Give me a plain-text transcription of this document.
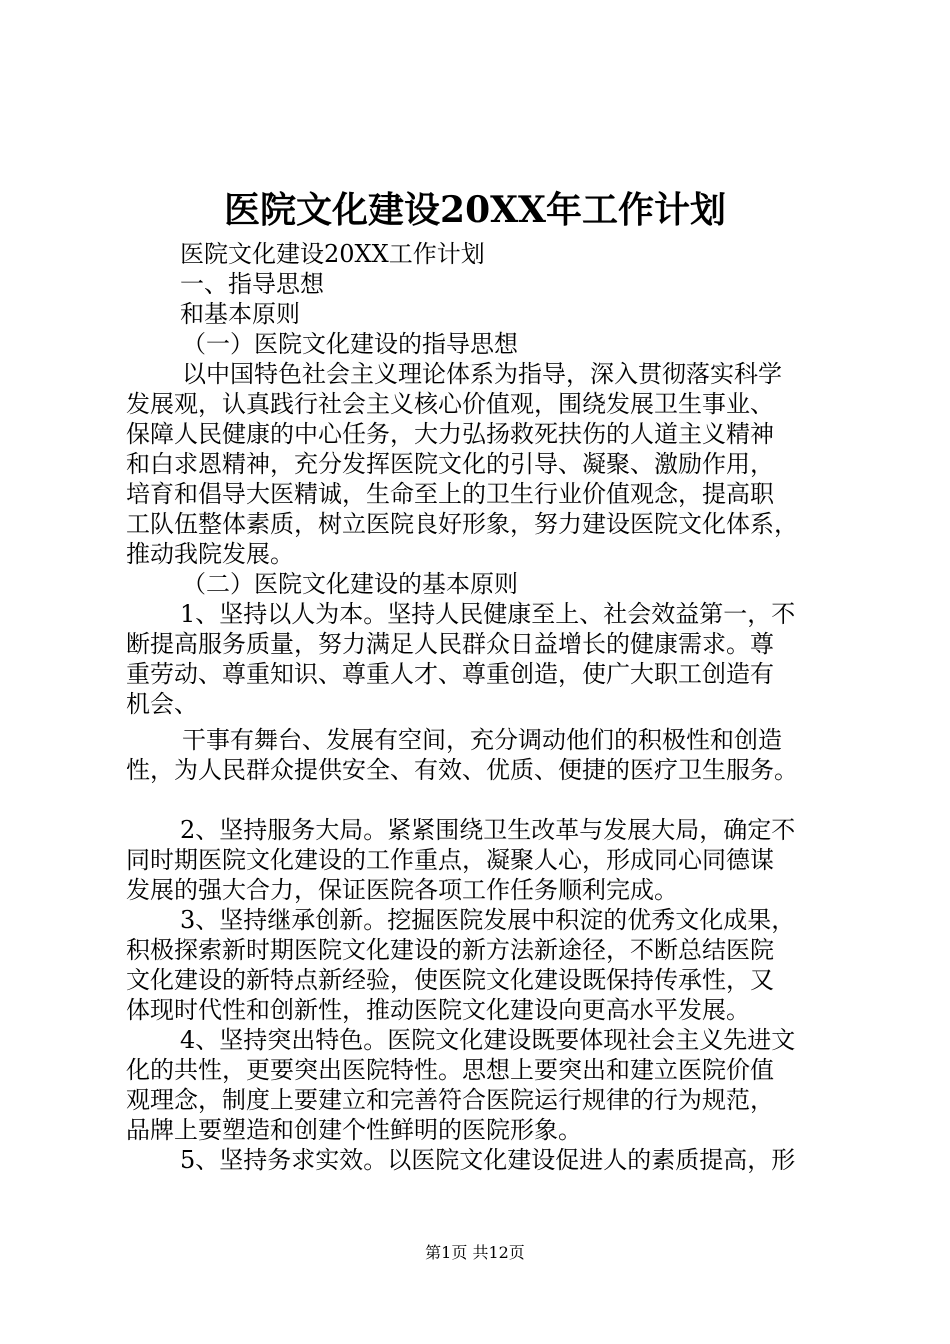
医院文化建设20XX年工作计划
医院文化建设20XX工作计划
一、指导思想
和基本原则
（一）医院文化建设的指导思想
以中国特色社会主义理论体系为指导，深入贯彻落实科学
发展观，认真践行社会主义核心价值观，围绕发展卫生事业、
保障人民健康的中心任务，大力弘扬救死扶伤的人道主义精神
和白求恩精神，充分发挥医院文化的引导、凝聚、激励作用，
培育和倡导大医精诚，生命至上的卫生行业价值观念，提高职
工队伍整体素质，树立医院良好形象，努力建设医院文化体系，
推动我院发展。
（二）医院文化建设的基本原则
1、坚持以人为本。坚持人民健康至上、社会效益第一，不
断提高服务质量，努力满足人民群众日益增长的健康需求。尊
重劳动、尊重知识、尊重人才、尊重创造，使广大职工创造有
机会、
干事有舞台、发展有空间，充分调动他们的积极性和创造
性，为人民群众提供安全、有效、优质、便捷的医疗卫生服务。
2、坚持服务大局。紧紧围绕卫生改革与发展大局，确定不
同时期医院文化建设的工作重点，凝聚人心，形成同心同德谋
发展的强大合力，保证医院各项工作任务顺利完成。
3、坚持继承创新。挖掘医院发展中积淀的优秀文化成果，
积极探索新时期医院文化建设的新方法新途径，不断总结医院
文化建设的新特点新经验，使医院文化建设既保持传承性，又
体现时代性和创新性，推动医院文化建设向更高水平发展。
4、坚持突出特色。医院文化建设既要体现社会主义先进文
化的共性，更要突出医院特性。思想上要突出和建立医院价值
观理念，制度上要建立和完善符合医院运行规律的行为规范，
品牌上要塑造和创建个性鲜明的医院形象。
5、坚持务求实效。以医院文化建设促进人的素质提高，形
第1页 共12页
